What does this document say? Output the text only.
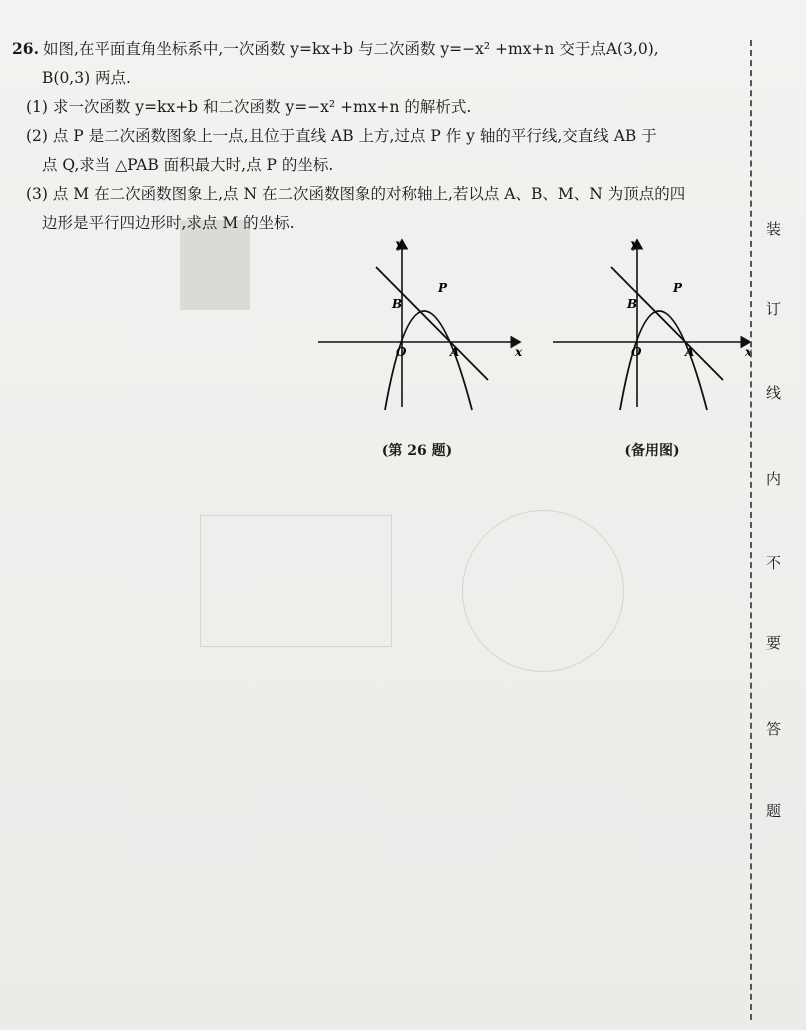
26. 如图,在平面直角坐标系中,一次函数 y=kx+b 与二次函数 y=−x² +mx+n 交于点A(3,0),
B(0,3) 两点.
(1) 求一次函数 y=kx+b 和二次函数 y=−x² +mx+n 的解析式.
(2) 点 P 是二次函数图象上一点,且位于直线 AB 上方,过点 P 作 y 轴的平行线,交直线 AB 于
点 Q,求当 △PAB 面积最大时,点 P 的坐标.
(3) 点 M 在二次函数图象上,点 N 在二次函数图象的对称轴上,若以点 A、B、M、N 为顶点的四
边形是平行四边形时,求点 M 的坐标.
y
x
O	A
B
P
(第 26 题)
y
x
O	A
B
P
(备用图)
装
订
线
内
不
要
答
题
